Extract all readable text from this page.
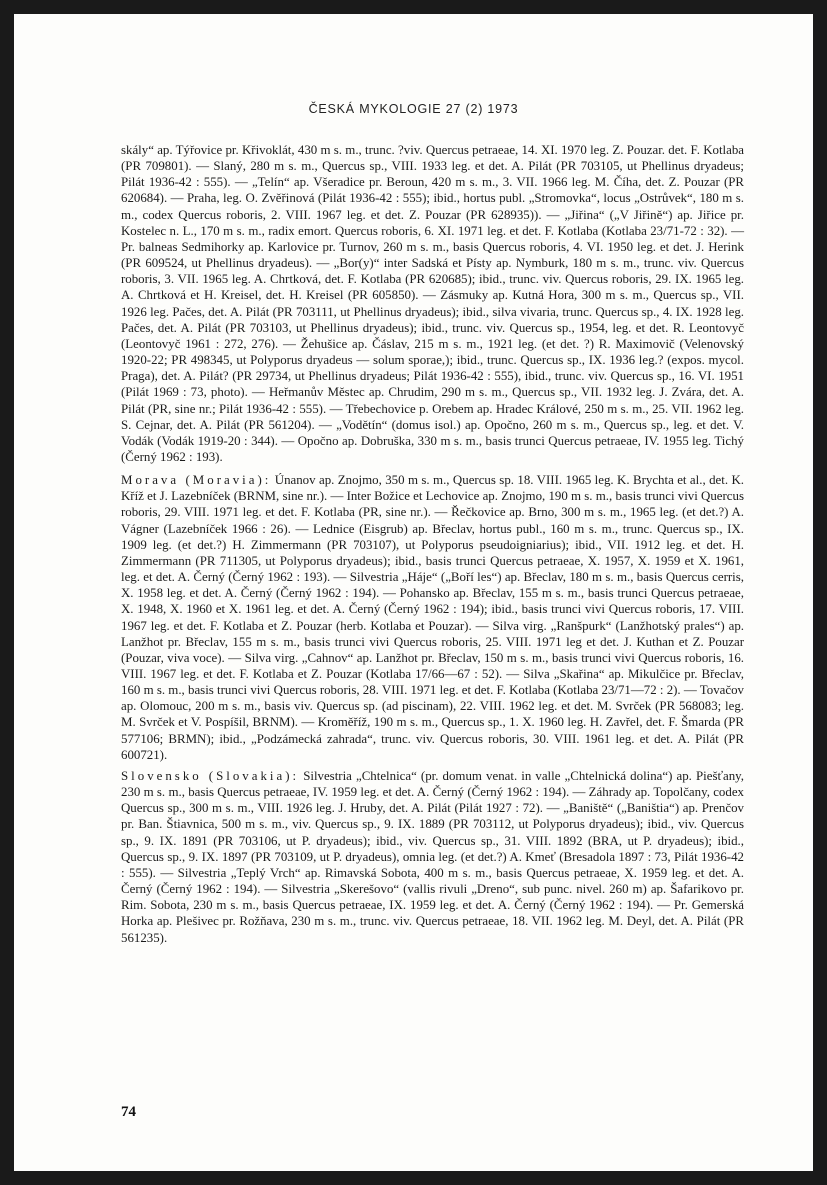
ČESKÁ MYKOLOGIE 27 (2) 1973

skály“ ap. Týřovice pr. Křivoklát, 430 m s. m., trunc. ?viv. Quercus petraeae, 14. XI. 1970 leg. Z. Pouzar. det. F. Kotlaba (PR 709801). — Slaný, 280 m s. m., Quercus sp., VIII. 1933 leg. et det. A. Pilát (PR 703105, ut Phellinus dryadeus; Pilát 1936-42 : 555). — „Telín“ ap. Všeradice pr. Beroun, 420 m s. m., 3. VII. 1966 leg. M. Číha, det. Z. Pouzar (PR 620684). — Praha, leg. O. Zvěřinová (Pilát 1936-42 : 555); ibid., hortus publ. „Stromovka“, locus „Ostrůvek“, 180 m s. m., codex Quercus roboris, 2. VIII. 1967 leg. et det. Z. Pouzar (PR 628935)). — „Jiřina“ („V Jiřině“) ap. Jiřice pr. Kostelec n. L., 170 m s. m., radix emort. Quercus roboris, 6. XI. 1971 leg. et det. F. Kotlaba (Kotlaba 23/71-72 : 32). — Pr. balneas Sedmihorky ap. Karlovice pr. Turnov, 260 m s. m., basis Quercus roboris, 4. VI. 1950 leg. et det. J. Herink (PR 609524, ut Phellinus dryadeus). — „Bor(y)“ inter Sadská et Písty ap. Nymburk, 180 m s. m., trunc. viv. Quercus roboris, 3. VII. 1965 leg. A. Chrtková, det. F. Kotlaba (PR 620685); ibid., trunc. viv. Quercus roboris, 29. IX. 1965 leg. A. Chrtková et H. Kreisel, det. H. Kreisel (PR 605850). — Zásmuky ap. Kutná Hora, 300 m s. m., Quercus sp., VII. 1926 leg. Pačes, det. A. Pilát (PR 703111, ut Phellinus dryadeus); ibid., silva vivaria, trunc. Quercus sp., 4. IX. 1928 leg. Pačes, det. A. Pilát (PR 703103, ut Phellinus dryadeus); ibid., trunc. viv. Quercus sp., 1954, leg. et det. R. Leontovyč (Leontovyč 1961 : 272, 276). — Žehušice ap. Čáslav, 215 m s. m., 1921 leg. (et det. ?) R. Maximovič (Velenovský 1920-22; PR 498345, ut Polyporus dryadeus — solum sporae,); ibid., trunc. Quercus sp., IX. 1936 leg.? (expos. mycol. Praga), det. A. Pilát? (PR 29734, ut Phellinus dryadeus; Pilát 1936-42 : 555), ibid., trunc. viv. Quercus sp., 16. VI. 1951 (Pilát 1969 : 73, photo). — Heřmanův Městec ap. Chrudim, 290 m s. m., Quercus sp., VII. 1932 leg. J. Zvára, det. A. Pilát (PR, sine nr.; Pilát 1936-42 : 555). — Třebechovice p. Orebem ap. Hradec Králové, 250 m s. m., 25. VII. 1962 leg. S. Cejnar, det. A. Pilát (PR 561204). — „Vodětín“ (domus isol.) ap. Opočno, 260 m s. m., Quercus sp., leg. et det. V. Vodák (Vodák 1919-20 : 344). — Opočno ap. Dobruška, 330 m s. m., basis trunci Quercus petraeae, IV. 1955 leg. Tichý (Černý 1962 : 193).

Morava (Moravia): Únanov ap. Znojmo, 350 m s. m., Quercus sp. 18. VIII. 1965 leg. K. Brychta et al., det. K. Kříž et J. Lazebníček (BRNM, sine nr.). — Inter Božice et Lechovice ap. Znojmo, 190 m s. m., basis trunci vivi Quercus roboris, 29. VIII. 1971 leg. et det. F. Kotlaba (PR, sine nr.). — Řečkovice ap. Brno, 300 m s. m., 1965 leg. (et det.?) A. Vágner (Lazebníček 1966 : 26). — Lednice (Eisgrub) ap. Břeclav, hortus publ., 160 m s. m., trunc. Quercus sp., IX. 1909 leg. (et det.?) H. Zimmermann (PR 703107), ut Polyporus pseudoigniarius); ibid., VII. 1912 leg. et det. H. Zimmermann (PR 711305, ut Polyporus dryadeus); ibid., basis trunci Quercus petraeae, X. 1957, X. 1959 et X. 1961, leg. et det. A. Černý (Černý 1962 : 193). — Silvestria „Háje“ („Boří les“) ap. Břeclav, 180 m s. m., basis Quercus cerris, X. 1958 leg. et det. A. Černý (Černý 1962 : 194). — Pohansko ap. Břeclav, 155 m s. m., basis trunci Quercus petraeae, X. 1948, X. 1960 et X. 1961 leg. et det. A. Černý (Černý 1962 : 194); ibid., basis trunci vivi Quercus roboris, 17. VIII. 1967 leg. et det. F. Kotlaba et Z. Pouzar (herb. Kotlaba et Pouzar). — Silva virg. „Ranšpurk“ (Lanžhotský prales“) ap. Lanžhot pr. Břeclav, 155 m s. m., basis trunci vivi Quercus roboris, 25. VIII. 1971 leg et det. J. Kuthan et Z. Pouzar (Pouzar, viva voce). — Silva virg. „Cahnov“ ap. Lanžhot pr. Břeclav, 150 m s. m., basis trunci vivi Quercus roboris, 16. VIII. 1967 leg. et det. F. Kotlaba et Z. Pouzar (Kotlaba 17/66—67 : 52). — Silva „Skařina“ ap. Mikulčice pr. Břeclav, 160 m s. m., basis trunci vivi Quercus roboris, 28. VIII. 1971 leg. et det. F. Kotlaba (Kotlaba 23/71—72 : 2). — Tovačov ap. Olomouc, 200 m s. m., basis viv. Quercus sp. (ad piscinam), 22. VIII. 1962 leg. et det. M. Svrček (PR 568083; leg. M. Svrček et V. Pospíšil, BRNM). — Kroměříž, 190 m s. m., Quercus sp., 1. X. 1960 leg. H. Zavřel, det. F. Šmarda (PR 577106; BRMN); ibid., „Podzámecká zahrada“, trunc. viv. Quercus roboris, 30. VIII. 1961 leg. et det. A. Pilát (PR 600721).

Slovensko (Slovakia): Silvestria „Chtelnica“ (pr. domum venat. in valle „Chtelnická dolina“) ap. Piešťany, 230 m s. m., basis Quercus petraeae, IV. 1959 leg. et det. A. Černý (Černý 1962 : 194). — Záhrady ap. Topolčany, codex Quercus sp., 300 m s. m., VIII. 1926 leg. J. Hruby, det. A. Pilát (Pilát 1927 : 72). — „Baniště“ („Baništia“) ap. Prenčov pr. Ban. Štiavnica, 500 m s. m., viv. Quercus sp., 9. IX. 1889 (PR 703112, ut Polyporus dryadeus); ibid., viv. Quercus sp., 9. IX. 1891 (PR 703106, ut P. dryadeus); ibid., viv. Quercus sp., 31. VIII. 1892 (BRA, ut P. dryadeus); ibid., Quercus sp., 9. IX. 1897 (PR 703109, ut P. dryadeus), omnia leg. (et det.?) A. Kmeť (Bresadola 1897 : 73, Pilát 1936-42 : 555). — Silvestria „Teplý Vrch“ ap. Rimavská Sobota, 400 m s. m., basis Quercus petraeae, X. 1959 leg. et det. A. Černý (Černý 1962 : 194). — Silvestria „Skerešovo“ (vallis rivuli „Dreno“, sub punc. nivel. 260 m) ap. Šafarikovo pr. Rim. Sobota, 230 m s. m., basis Quercus petraeae, IX. 1959 leg. et det. A. Černý (Černý 1962 : 194). — Pr. Gemerská Horka ap. Plešivec pr. Rožňava, 230 m s. m., trunc. viv. Quercus petraeae, 18. VII. 1962 leg. M. Deyl, det. A. Pilát (PR 561235).

74
